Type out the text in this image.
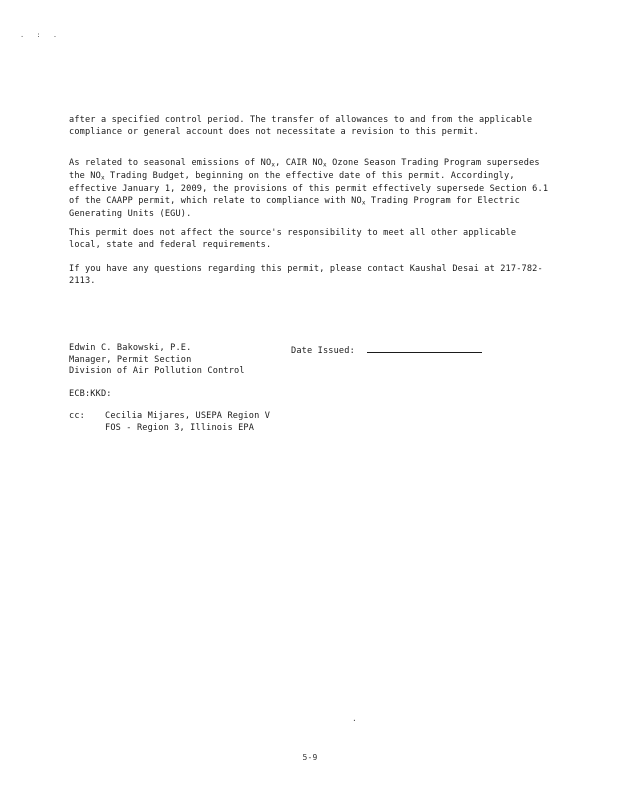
. : .

after a specified control period. The transfer of allowances to and from the applicable compliance or general account does not necessitate a revision to this permit.

As related to seasonal emissions of $NO_x$, CAIR $NO_x$ Ozone Season Trading Program supersedes the $NO_x$ Trading Budget, beginning on the effective date of this permit. Accordingly, effective January 1, 2009, the provisions of this permit effectively supersede Section 6.1 of the CAAPP permit, which relate to compliance with $NO_x$ Trading Program for Electric Generating Units (EGU).

This permit does not affect the source's responsibility to meet all other applicable local, state and federal requirements.

If you have any questions regarding this permit, please contact Kaushal Desai at 217-782-2113.

Edwin C. Bakowski, P.E.
Manager, Permit Section
Division of Air Pollution Control
Date Issued:
ECB:KKD:
cc: Cecilia Mijares, USEPA Region V
FOS - Region 3, Illinois EPA
.
5-9
